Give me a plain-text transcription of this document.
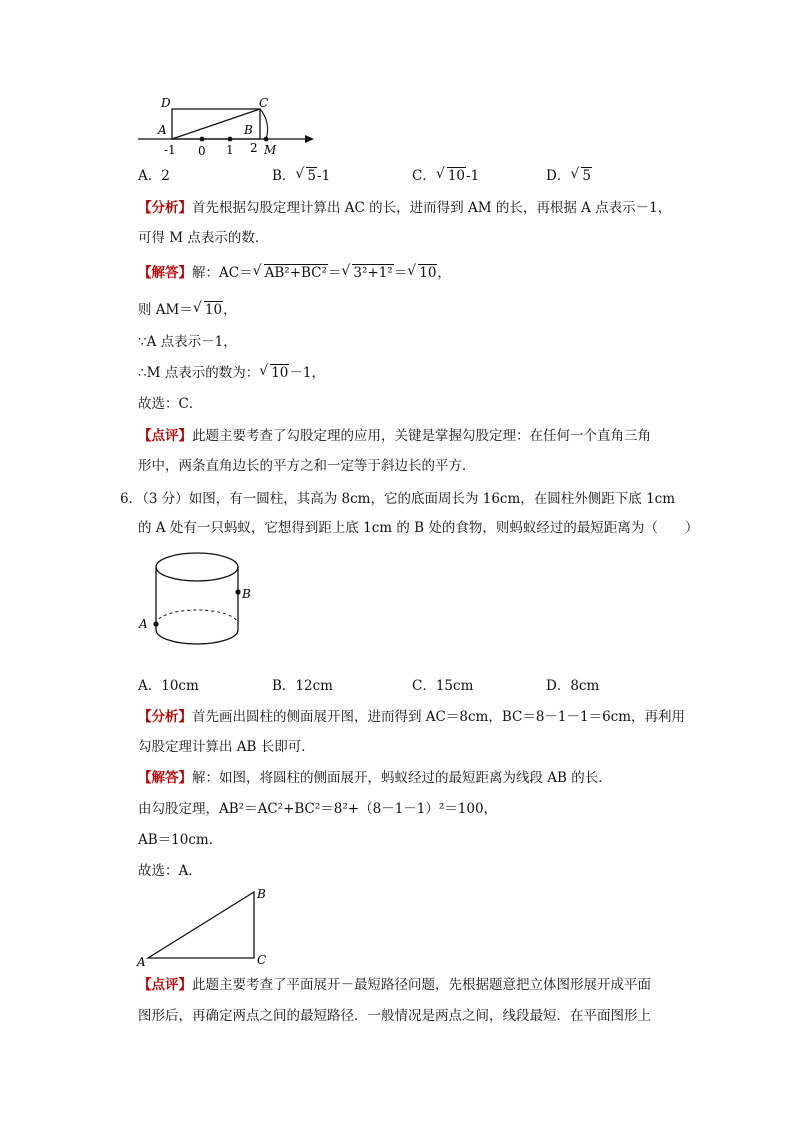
D	C
A	B
M
-1 0 1 2
A．2	B． √ 5-1	C． √ 10-1	D． √ 5
【分析】首先根据勾股定理计算出 AC 的长，进而得到 AM 的长，再根据 A 点表示－1，
可得 M 点表示的数．
【解答】解：AC＝ √ AB²+BC²＝ √ 3²+1²＝ √ 10，
则 AM＝ √ 10，
∵A 点表示－1，
∴M 点表示的数为： √ 10－1，
故选：C．
【点评】此题主要考查了勾股定理的应用，关键是掌握勾股定理：在任何一个直角三角
形中，两条直角边长的平方之和一定等于斜边长的平方．
6．（3 分）如图，有一圆柱，其高为 8cm，它的底面周长为 16cm，在圆柱外侧距下底 1cm
的 A 处有一只蚂蚁，它想得到距上底 1cm 的 B 处的食物，则蚂蚁经过的最短距离为（　　）
A
B
A．10cm	B．12cm	C．15cm	D．8cm
【分析】首先画出圆柱的侧面展开图，进而得到 AC＝8cm，BC＝8－1－1＝6cm，再利用
勾股定理计算出 AB 长即可．
【解答】解：如图，将圆柱的侧面展开，蚂蚁经过的最短距离为线段 AB 的长．
由勾股定理，AB²＝AC²+BC²＝8²+（8－1－1）²＝100，
AB＝10cm．
故选：A．
A
B
C
【点评】此题主要考查了平面展开－最短路径问题，先根据题意把立体图形展开成平面
图形后，再确定两点之间的最短路径．一般情况是两点之间，线段最短．在平面图形上
